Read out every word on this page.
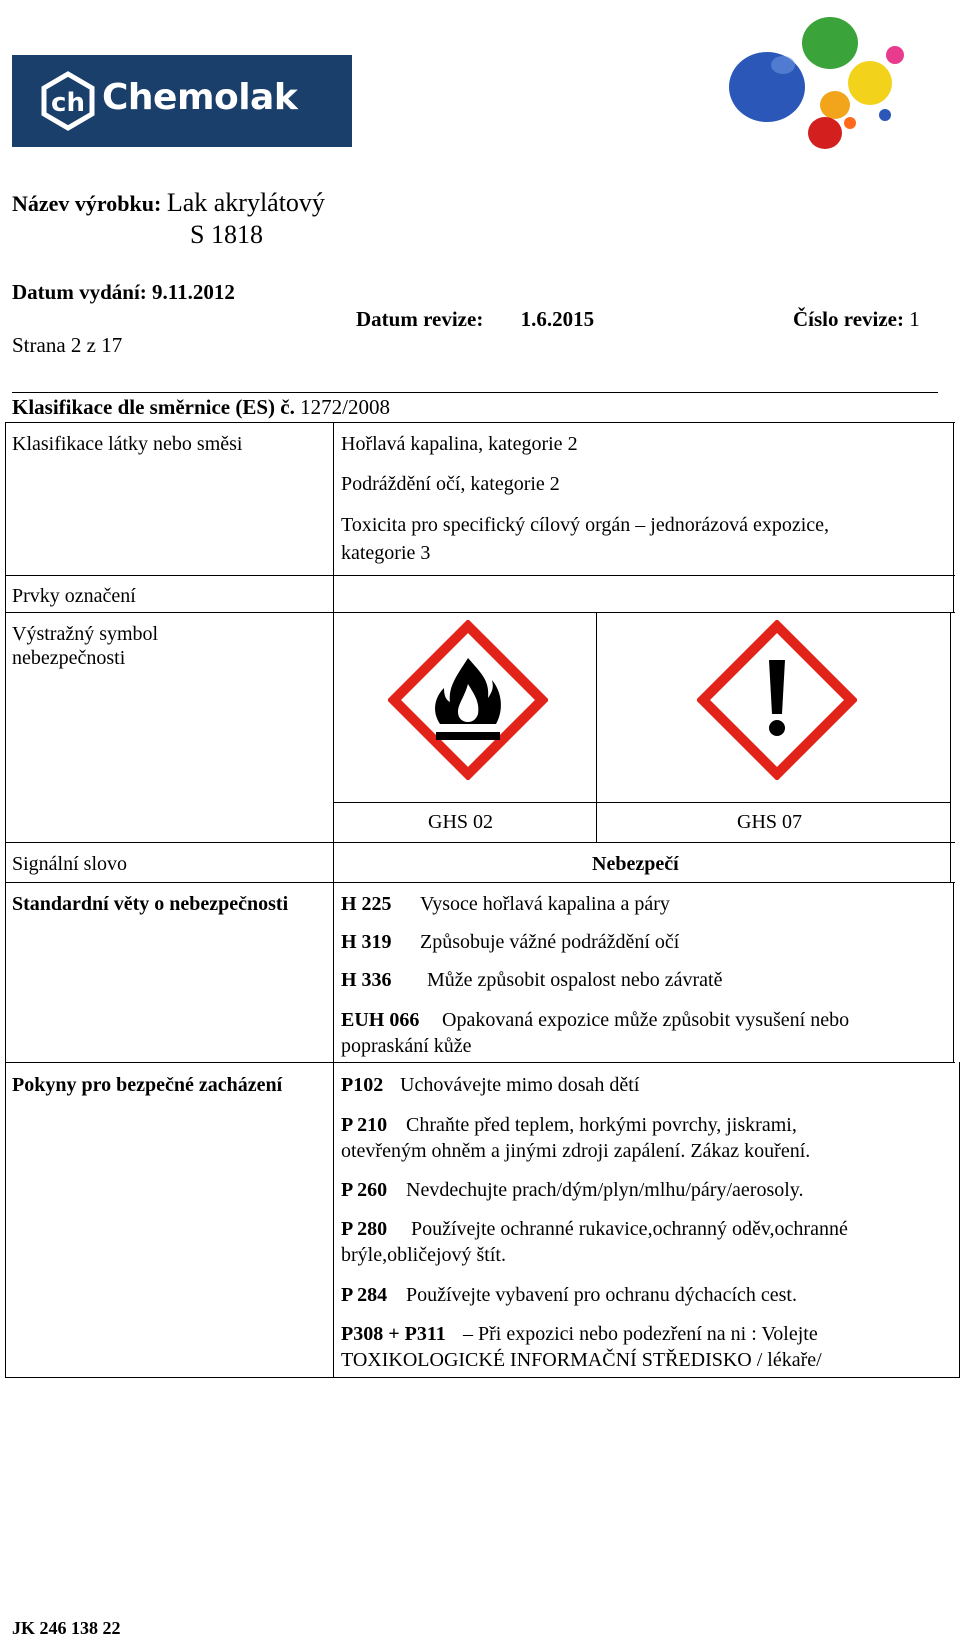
ch Chemolak
Název výrobku: Lak akrylátový
S 1818
Datum vydání: 9.11.2012
Strana 2 z 17
Datum revize: 1.6.2015	Číslo revize: 1
Klasifikace dle směrnice (ES) č. 1272/2008
Klasifikace látky nebo směsi	Hořlavá kapalina, kategorie 2
Podráždění očí, kategorie 2
Toxicita pro specifický cílový orgán – jednorázová expozice,
kategorie 3
Prvky označení
Výstražný symbol nebezpečnosti
GHS 02	GHS 07
Signální slovo	Nebezpečí
Standardní věty o nebezpečnosti	H 225 Vysoce hořlavá kapalina a páry
H 319 Způsobuje vážné podráždění očí
H 336 Může způsobit ospalost nebo závratě
EUH 066 Opakovaná expozice může způsobit vysušení nebo
popraskání kůže
Pokyny pro bezpečné zacházení	P102 Uchovávejte mimo dosah dětí
P 210 Chraňte před teplem, horkými povrchy, jiskrami,
otevřeným ohněm a jinými zdroji zapálení. Zákaz kouření.
P 260 Nevdechujte prach/dým/plyn/mlhu/páry/aerosoly.
P 280 Používejte ochranné rukavice,ochranný oděv,ochranné
brýle,obličejový štít.
P 284 Používejte vybavení pro ochranu dýchacích cest.
P308 + P311 – Při expozici nebo podezření na ni : Volejte
TOXIKOLOGICKÉ INFORMAČNÍ STŘEDISKO / lékaře/
JK 246 138 22
